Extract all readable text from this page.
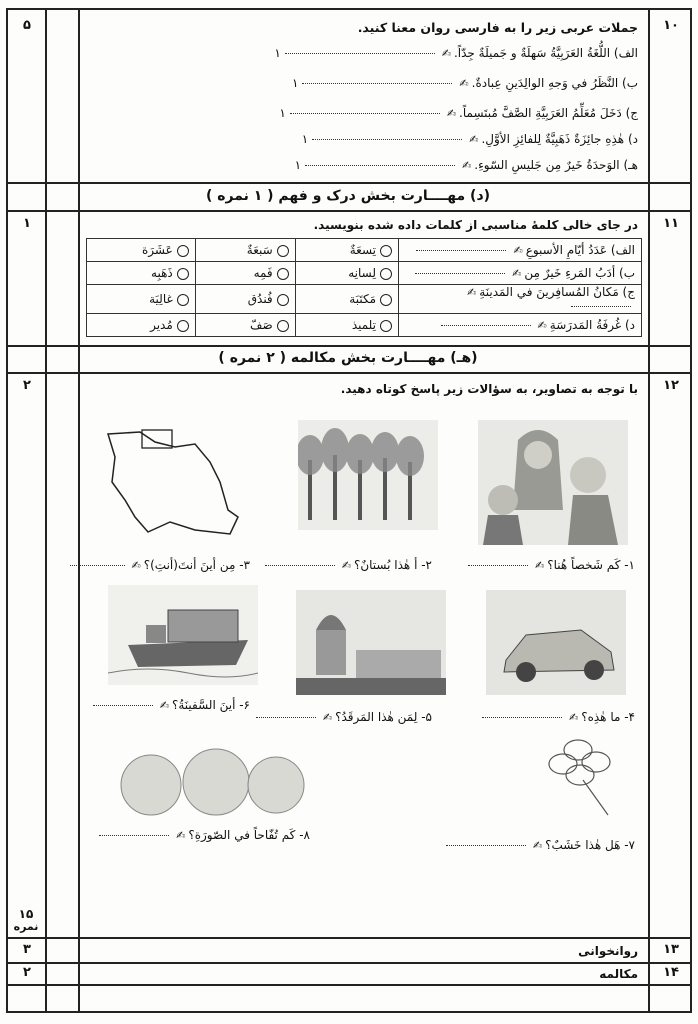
۱۰
۵	جملات عربی زیر را به فارسی روان معنا کنید.
الف) اللُّغَةُ العَرَبِيَّةُ سَهلَةٌ و جَميلَةٌ جِدّاً.✍۱
ب) النَّظَرُ في وَجهِ الوالِدَينِ عِبادةٌ.✍۱
ج) دَخَلَ مُعَلِّمُ العَرَبِيَّةِ الصَّفَّ مُبتَسِماً.✍۱
د) هٰذِهِ جائِزَةٌ ذَهَبِيَّةٌ لِلفائِزِ الأوَّلِ.✍۱
هـ) الوَحدَةُ خَيرٌ مِن جَليسِ السّوءِ.✍۱
(د) مهــــارت بخش درک و فهم ( ۱ نمره )
۱۱
۱	در جای خالی کلمهٔ مناسبی از کلمات داده شده بنویسید.
الف) عَدَدُ أيّامِ الأسبوعِ✍	تِسعَةٌ	سَبعَةٌ	عَشَرَة
ب) أدَبُ المَرءِ خَيرٌ مِن✍	لِسانِه	فَمِه	ذَهَبِه
ج) مَكانُ المُسافِرينَ في المَدينَةِ✍	مَكتَبَة	فُندُق	غالِيَة
د) غُرفَةُ المَدرَسَةِ✍	تِلميذ	صَفّ	مُدير
(هـ) مهــــارت بخش مکالمه ( ۲ نمره )
۱۲
۲	با توجه به تصاویر، به سؤالات زیر پاسخ کوتاه دهید.
۱- کَم شَخصاً هُنا؟✍
۲- أ هٰذا بُستانٌ؟✍
۳- مِن أينَ أنتَ(أنتِ)؟✍
۴- ما هٰذِه؟✍
۵- لِمَن هٰذا المَرقَدُ؟✍
۶- أينَ السَّفينَةُ؟✍
۷- هَل هٰذا خَشَبٌ؟✍
۸- کَم تُفّاحاً في الصّورَةِ؟✍
۱۵
نمره
۱۳
۳	روانخوانی
۱۴
۲	مکالمه
